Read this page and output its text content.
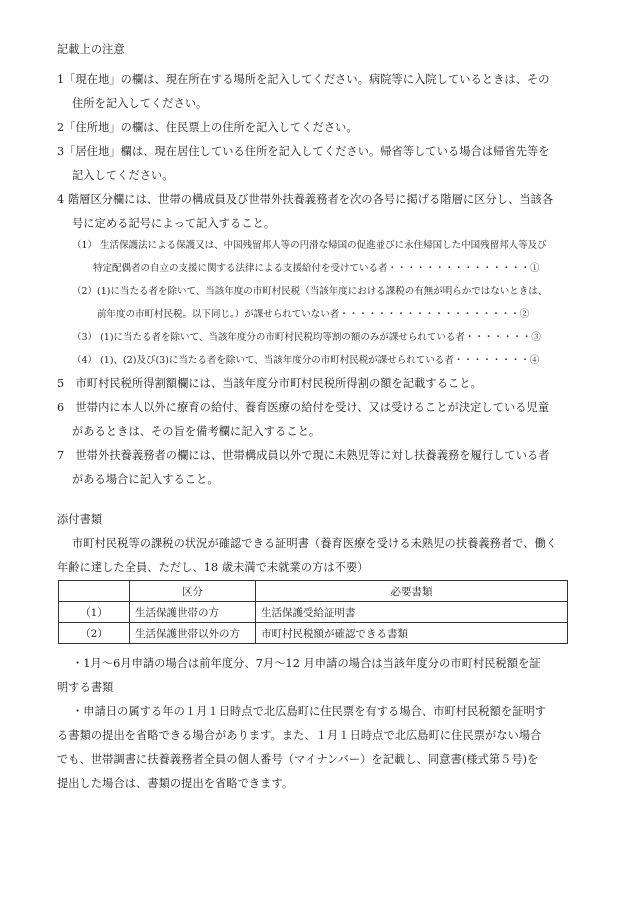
記載上の注意
1「現在地」の欄は、現在所在する場所を記入してください。病院等に入院しているときは、その
住所を記入してください。
2「住所地」の欄は、住民票上の住所を記入してください。
3「居住地」欄は、現在居住している住所を記入してください。帰省等している場合は帰省先等を
記入してください。
4 階層区分欄には、世帯の構成員及び世帯外扶養義務者を次の各号に掲げる階層に区分し、当該各
号に定める記号によって記入すること。
（1） 生活保護法による保護又は、中国残留邦人等の円滑な帰国の促進並びに永住帰国した中国残留邦人等及び
特定配偶者の自立の支援に関する法律による支援給付を受けている者・・・・・・・・・・・・・・・①
（2）(1)に当たる者を除いて、当該年度の市町村民税（当該年度における課税の有無が明らかではないときは、
前年度の市町村民税。以下同じ。）が課せられていない者・・・・・・・・・・・・・・・・・・・②
（3） (1)に当たる者を除いて、当該年度分の市町村民税均等割の額のみが課せられている者・・・・・・・③
（4） (1)、(2)及び(3)に当たる者を除いて、当該年度分の市町村民税が課せられている者・・・・・・・・④
5　市町村民税所得割額欄には、当該年度分市町村民税所得割の額を記載すること。
6　世帯内に本人以外に療育の給付、養育医療の給付を受け、又は受けることが決定している児童
があるときは、その旨を備考欄に記入すること。
7　世帯外扶養義務者の欄には、世帯構成員以外で現に未熟児等に対し扶養義務を履行している者
がある場合に記入すること。
添付書類
市町村民税等の課税の状況が確認できる証明書（養育医療を受ける未熟児の扶養義務者で、働く
年齢に達した全員、ただし、18 歳未満で未就業の方は不要）
	区分	必要書類
（1）	生活保護世帯の方	生活保護受給証明書
（2）	生活保護世帯以外の方	市町村民税額が確認できる書類
・1月～6月申請の場合は前年度分、7月～12 月申請の場合は当該年度分の市町村民税額を証
明する書類
・申請日の属する年の１月１日時点で北広島町に住民票を有する場合、市町村民税額を証明す
る書類の提出を省略できる場合があります。また、１月１日時点で北広島町に住民票がない場合
でも、世帯調書に扶養義務者全員の個人番号（マイナンバー）を記載し、同意書(様式第５号)を
提出した場合は、書類の提出を省略できます。
